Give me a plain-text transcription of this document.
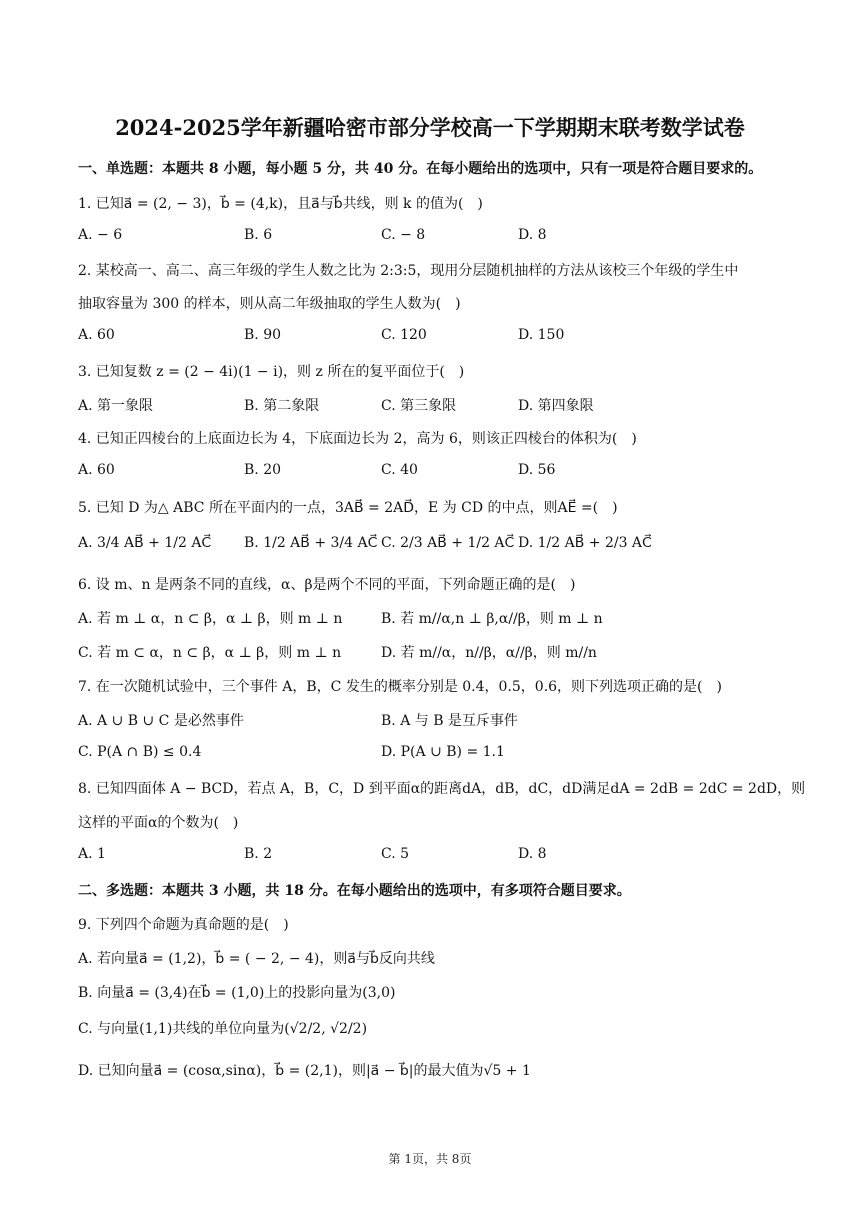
2024-2025学年新疆哈密市部分学校高一下学期期末联考数学试卷
一、单选题：本题共 8 小题，每小题 5 分，共 40 分。在每小题给出的选项中，只有一项是符合题目要求的。
1. 已知a⃗ = (2, − 3)，b⃗ = (4,k)，且a⃗与b⃗共线，则 k 的值为(　)
A. − 6	B. 6	C. − 8	D. 8
2. 某校高一、高二、高三年级的学生人数之比为 2:3:5，现用分层随机抽样的方法从该校三个年级的学生中
抽取容量为 300 的样本，则从高二年级抽取的学生人数为(　)
A. 60	B. 90	C. 120	D. 150
3. 已知复数 z = (2 − 4i)(1 − i)，则 z 所在的复平面位于(　)
A. 第一象限	B. 第二象限	C. 第三象限	D. 第四象限
4. 已知正四棱台的上底面边长为 4，下底面边长为 2，高为 6，则该正四棱台的体积为(　)
A. 60	B. 20	C. 40	D. 56
5. 已知 D 为△ ABC 所在平面内的一点，3AB⃗ = 2AD⃗，E 为 CD 的中点，则AE⃗ =(　)
A. 3/4 AB⃗ + 1/2 AC⃗ B. 1/2 AB⃗ + 3/4 AC⃗ C. 2/3 AB⃗ + 1/2 AC⃗ D. 1/2 AB⃗ + 2/3 AC⃗
6. 设 m、n 是两条不同的直线，α、β是两个不同的平面，下列命题正确的是(　)
A. 若 m ⊥ α，n ⊂ β，α ⊥ β，则 m ⊥ n	B. 若 m//α,n ⊥ β,α//β，则 m ⊥ n
C. 若 m ⊂ α，n ⊂ β，α ⊥ β，则 m ⊥ n	D. 若 m//α，n//β，α//β，则 m//n
7. 在一次随机试验中，三个事件 A，B，C 发生的概率分别是 0.4，0.5，0.6，则下列选项正确的是(　)
A. A ∪ B ∪ C 是必然事件	B. A 与 B 是互斥事件
C. P(A ∩ B) ≤ 0.4	D. P(A ∪ B) = 1.1
8. 已知四面体 A − BCD，若点 A，B，C，D 到平面α的距离dA，dB，dC，dD满足dA = 2dB = 2dC = 2dD，则
这样的平面α的个数为(　)
A. 1	B. 2	C. 5	D. 8
二、多选题：本题共 3 小题，共 18 分。在每小题给出的选项中，有多项符合题目要求。
9. 下列四个命题为真命题的是(　)
A. 若向量a⃗ = (1,2)，b⃗ = ( − 2, − 4)，则a⃗与b⃗反向共线
B. 向量a⃗ = (3,4)在b⃗ = (1,0)上的投影向量为(3,0)
C. 与向量(1,1)共线的单位向量为(√2/2, √2/2)
D. 已知向量a⃗ = (cosα,sinα)，b⃗ = (2,1)，则|a⃗ − b⃗|的最大值为√5 + 1
第 1页，共 8页
